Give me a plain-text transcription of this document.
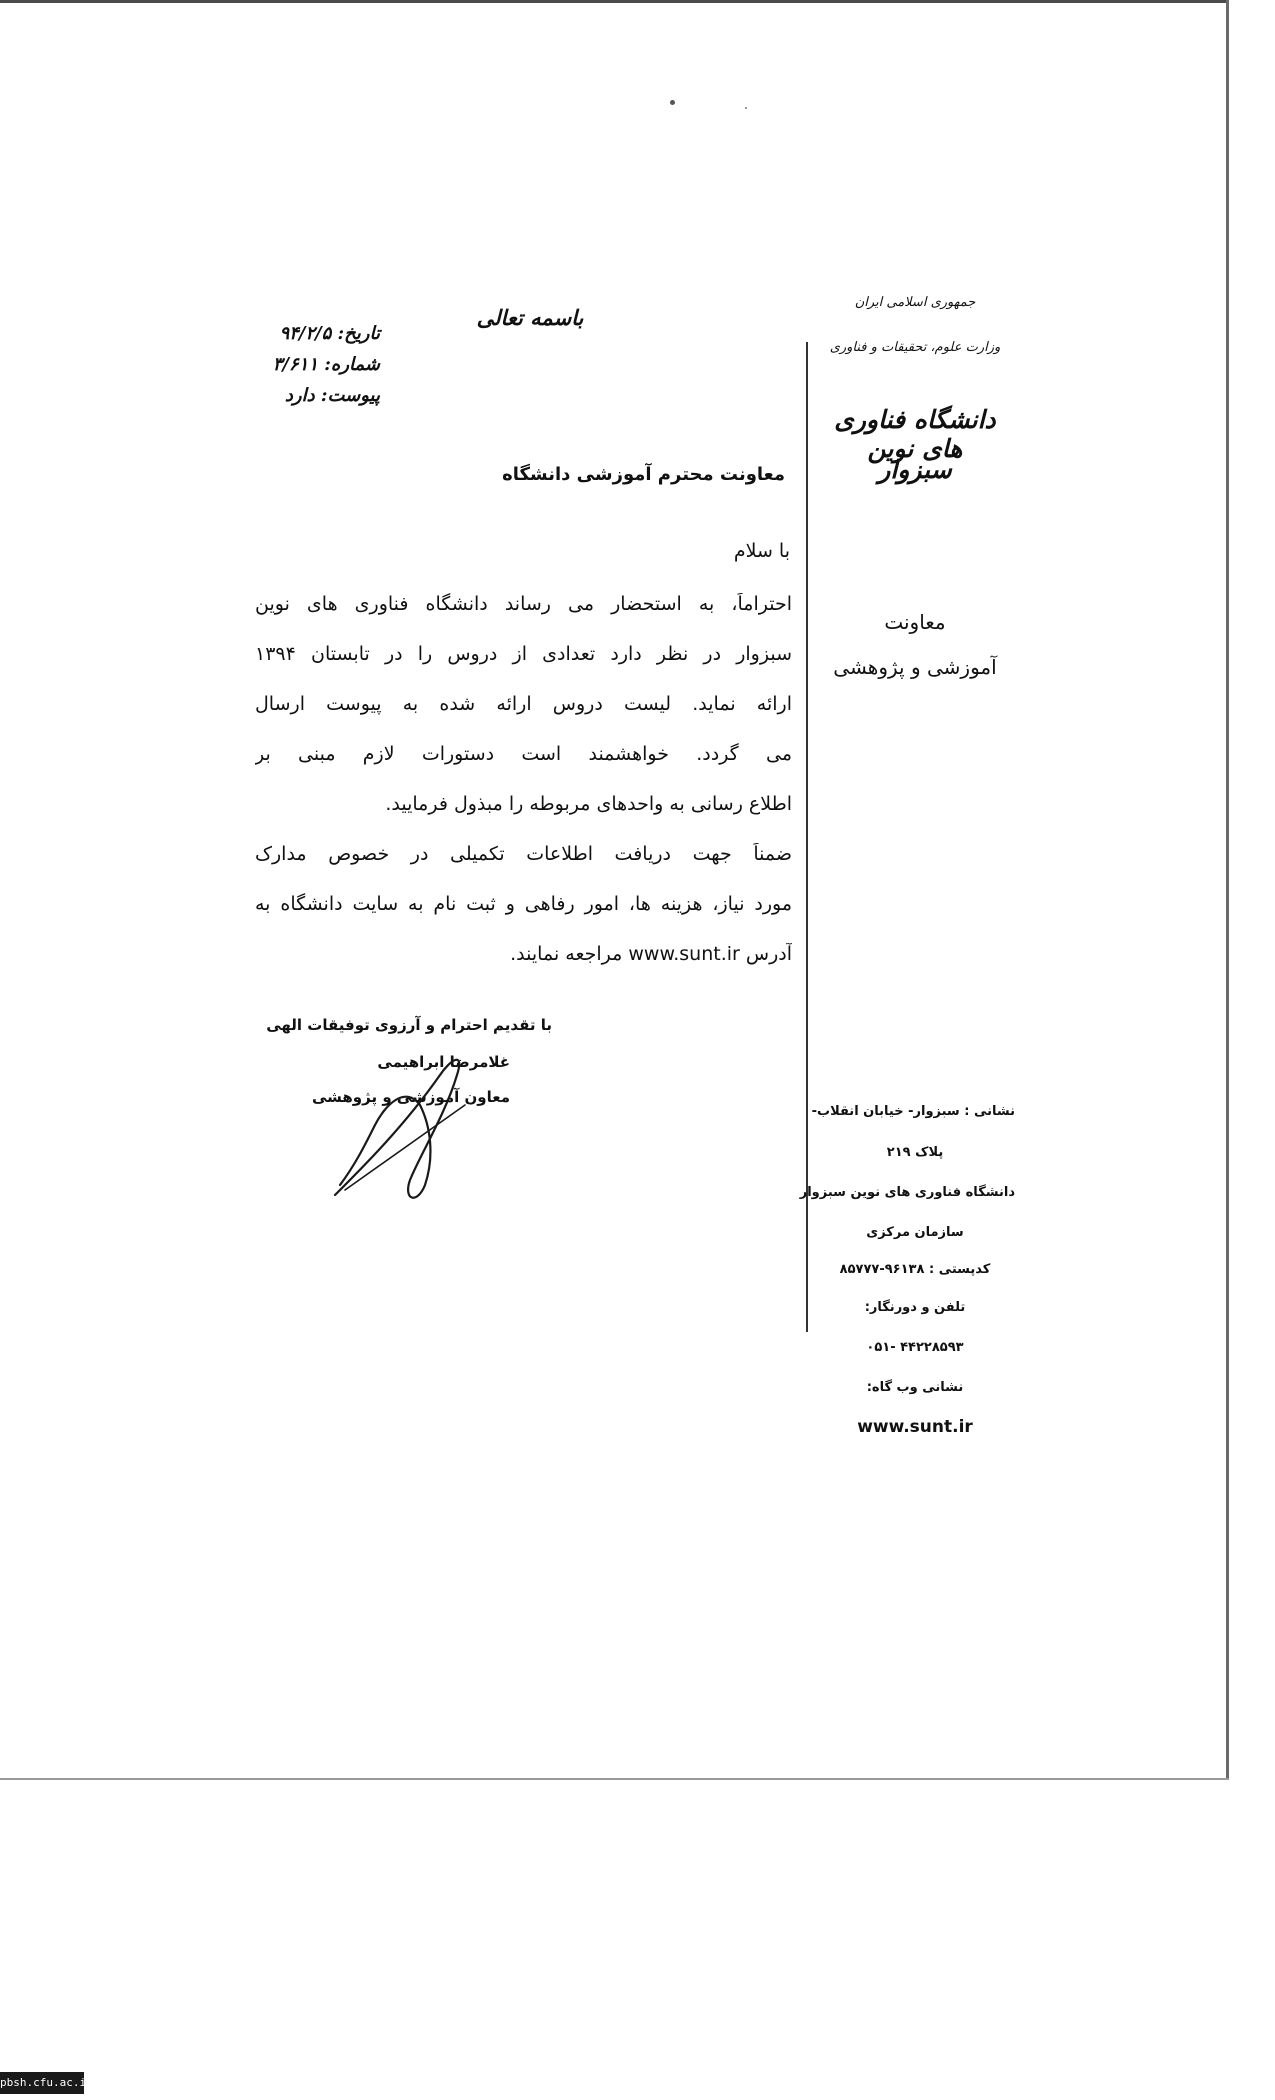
باسمه تعالی
تاریخ: ۹۴/۲/۵
شماره: ۳/۶۱۱
پیوست: دارد
جمهوری اسلامی ایران
وزارت علوم، تحقیقات و فناوری
دانشگاه فناوری های نوین
سبزوار
معاونت
آموزشی و پژوهشی
نشانی : سبزوار- خیابان انقلاب-
پلاک ۲۱۹
دانشگاه فناوری های نوین سبزوار
سازمان مرکزی
کدپستی : ۹۶۱۳۸-۸۵۷۷۷
تلفن و دورنگار:
۰۵۱- ۴۴۲۲۸۵۹۳
نشانی وب گاه:
www.sunt.ir
معاونت محترم آموزشی دانشگاه
با سلام
احتراماً، به استحضار می رساند دانشگاه فناوری های نوین
سبزوار در نظر دارد تعدادی از دروس را در تابستان ۱۳۹۴
ارائه نماید. لیست دروس ارائه شده به پیوست ارسال
می گردد. خواهشمند است دستورات لازم مبنی بر
اطلاع رسانی به واحدهای مربوطه را مبذول فرمایید.
ضمناً جهت دریافت اطلاعات تکمیلی در خصوص مدارک
مورد نیاز، هزینه ها، امور رفاهی و ثبت نام به سایت دانشگاه به
آدرس www.sunt.ir مراجعه نمایند.
با تقدیم احترام و آرزوی توفیقات الهی
غلامرضا ابراهیمی
معاون آموزشی و پژوهشی
pbsh.cfu.ac.ir
